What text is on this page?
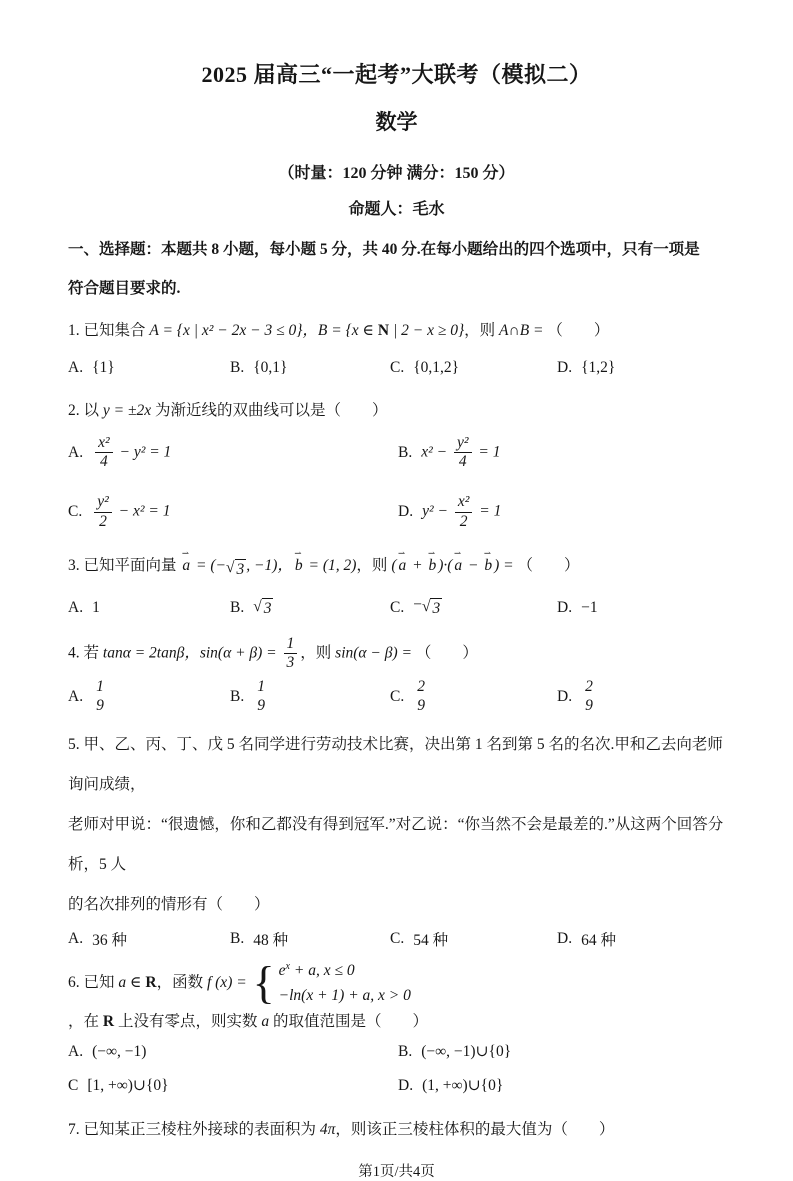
2025 届高三“一起考”大联考（模拟二）
数学
（时量：120 分钟 满分：150 分）
命题人：毛水

一、选择题：本题共 8 小题，每小题 5 分，共 40 分.在每小题给出的四个选项中，只有一项是

符合题目要求的.

1. 已知集合 A = {x | x² − 2x − 3 ≤ 0}，B = {x ∈ N | 2 − x ≥ 0}，则 A∩B = （　　）

A. {1}	B. {0,1}	C. {0,1,2}	D. {1,2}

2. 以 y = ±2x 为渐近线的双曲线可以是（　　）

A. $\frac{\text{x²}}{4} - y^2 = 1$	B. $x^2 - \frac{\text{y²}}{4} = 1$
C. $\frac{\text{y²}}{2} - x^2 = 1$	D. $y^2 - \frac{\text{x²}}{2} = 1$

3. 已知平面向量 ⇀ a = (− √ 3 , −1)， ⇀ b = (1, 2)，则 ( ⇀ a + ⇀ b )·( ⇀ a − ⇀ b ) = （　　）

A. 1	B. √ 3	C. − √ 3	D. −1

4. 若 tanα = 2tanβ，$\sin(\alpha + \beta) = \frac{1}{3}$ ，则 sin(α − β) = （　　）

A.
1
9
B.
1
9
C.
2
9
D.
2
9

5. 甲、乙、丙、丁、戊 5 名同学进行劳动技术比赛，决出第 1 名到第 5 名的名次.甲和乙去向老师询问成绩，

老师对甲说：“很遗憾，你和乙都没有得到冠军.”对乙说：“你当然不会是最差的.”从这两个回答分析，5 人

的名次排列的情形有（　　）

A. 36 种	B. 48 种	C. 54 种	D. 64 种

6. 已知 a ∈ R，函数 f (x) =
{ $e^x + a$, x ≤ 0
−ln(x + 1) + a, x > 0
，在 R 上没有零点，则实数 a 的取值范围是（　　）

A. (−∞, −1)	B. (−∞, −1)∪{0}
C [1, +∞)∪{0}	D. (1, +∞)∪{0}

7. 已知某正三棱柱外接球的表面积为 4π，则该正三棱柱体积的最大值为（　　）

第1页/共4页
